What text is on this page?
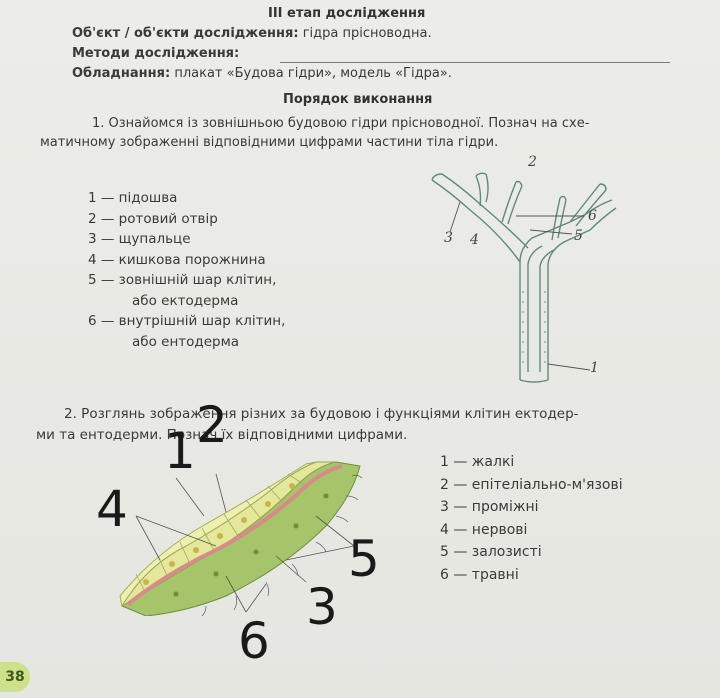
ІІІ етап дослідження
Об'єкт / об'єкти дослідження: гідра прісноводна.
Методи дослідження:
Обладнання: плакат «Будова гідри», модель «Гідра».
Порядок виконання
1. Ознайомся із зовнішньою будовою гідри прісноводної. Познач на схе-
матичному зображенні відповідними цифрами частини тіла гідри.
1 — підошва
2 — ротовий отвір
3 — щупальце
4 — кишкова порожнина
5 — зовнішній шар клітин,
або ектодерма
6 — внутрішній шар клітин,
або ентодерма
2
6
3 4	5
1
2. Розглянь зображення різних за будовою і функціями клітин ектодер-
ми та ентодерми. Познач їх відповідними цифрами.
1 2
4
5
3
6
1 — жалкі
2 — епітеліально-м'язові
3 — проміжні
4 — нервові
5 — залозисті
6 — травні
38
